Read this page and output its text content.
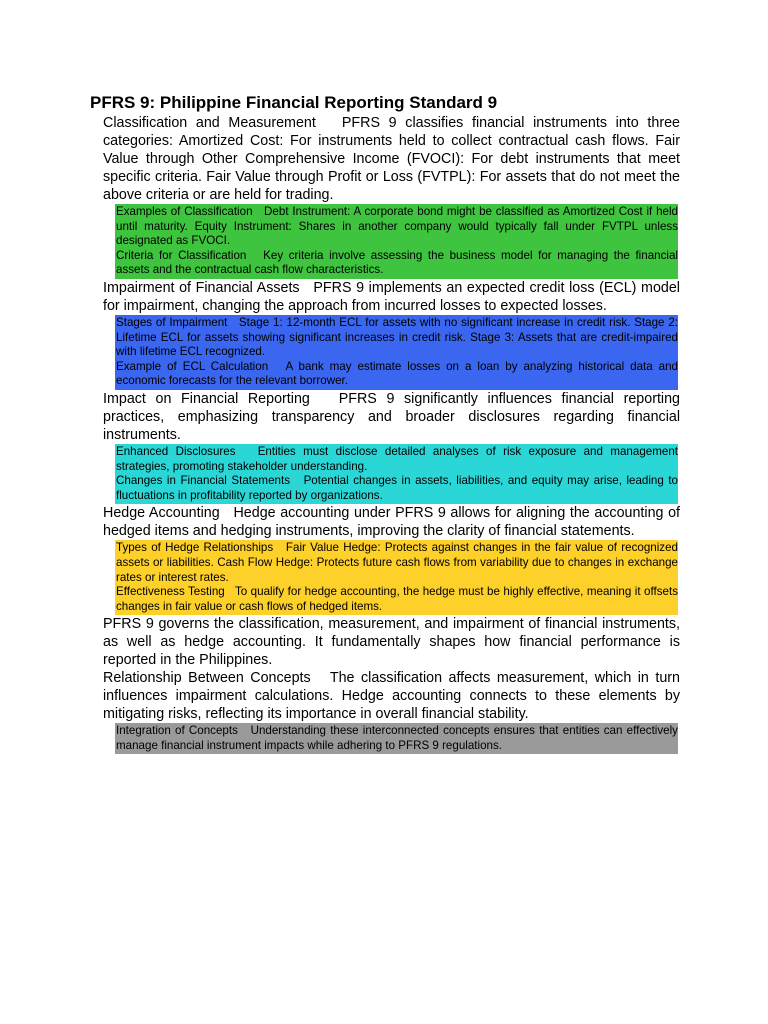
PFRS 9: Philippine Financial Reporting Standard 9

Classification and Measurement PFRS 9 classifies financial instruments into three categories: Amortized Cost: For instruments held to collect contractual cash flows. Fair Value through Other Comprehensive Income (FVOCI): For debt instruments that meet specific criteria. Fair Value through Profit or Loss (FVTPL): For assets that do not meet the above criteria or are held for trading.

Examples of Classification Debt Instrument: A corporate bond might be classified as Amortized Cost if held until maturity. Equity Instrument: Shares in another company would typically fall under FVTPL unless designated as FVOCI.

Criteria for Classification Key criteria involve assessing the business model for managing the financial assets and the contractual cash flow characteristics.

Impairment of Financial Assets PFRS 9 implements an expected credit loss (ECL) model for impairment, changing the approach from incurred losses to expected losses.

Stages of Impairment Stage 1: 12-month ECL for assets with no significant increase in credit risk. Stage 2: Lifetime ECL for assets showing significant increases in credit risk. Stage 3: Assets that are credit-impaired with lifetime ECL recognized.

Example of ECL Calculation A bank may estimate losses on a loan by analyzing historical data and economic forecasts for the relevant borrower.

Impact on Financial Reporting PFRS 9 significantly influences financial reporting practices, emphasizing transparency and broader disclosures regarding financial instruments.

Enhanced Disclosures Entities must disclose detailed analyses of risk exposure and management strategies, promoting stakeholder understanding.

Changes in Financial Statements Potential changes in assets, liabilities, and equity may arise, leading to fluctuations in profitability reported by organizations.

Hedge Accounting Hedge accounting under PFRS 9 allows for aligning the accounting of hedged items and hedging instruments, improving the clarity of financial statements.

Types of Hedge Relationships Fair Value Hedge: Protects against changes in the fair value of recognized assets or liabilities. Cash Flow Hedge: Protects future cash flows from variability due to changes in exchange rates or interest rates.

Effectiveness Testing To qualify for hedge accounting, the hedge must be highly effective, meaning it offsets changes in fair value or cash flows of hedged items.

PFRS 9 governs the classification, measurement, and impairment of financial instruments, as well as hedge accounting. It fundamentally shapes how financial performance is reported in the Philippines.

Relationship Between Concepts The classification affects measurement, which in turn influences impairment calculations. Hedge accounting connects to these elements by mitigating risks, reflecting its importance in overall financial stability.

Integration of Concepts Understanding these interconnected concepts ensures that entities can effectively manage financial instrument impacts while adhering to PFRS 9 regulations.
